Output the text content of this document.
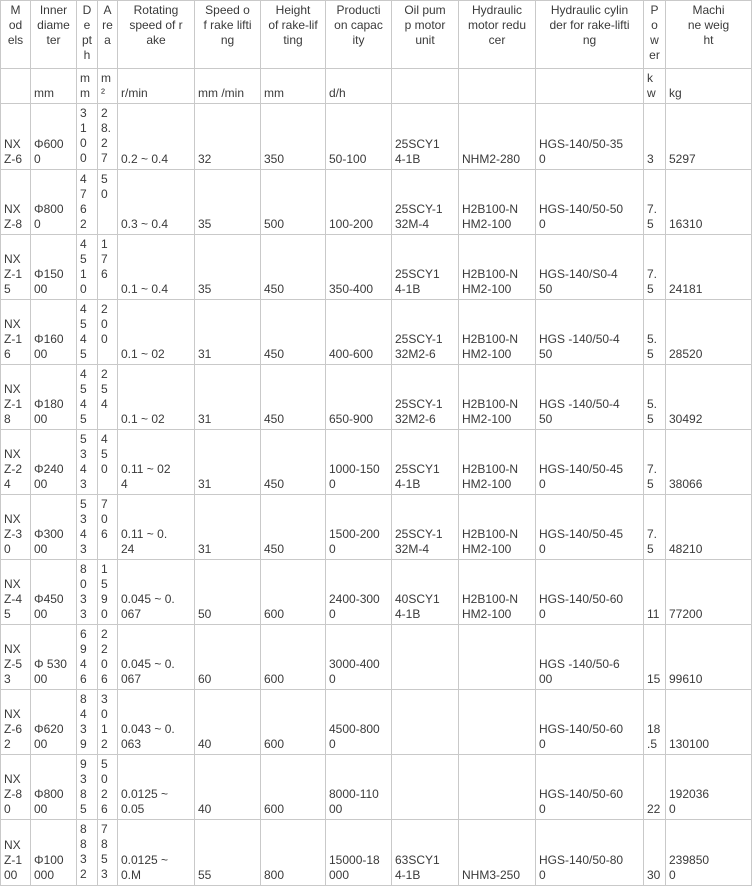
M
od
els	Inner
diame
ter	D
e
pt
h	A
re
a	Rotating
speed of r
ake	Speed o
f rake lifti
ng	Height
of rake-lif
ting	Producti
on capac
ity	Oil pum
p motor
unit	Hydraulic
motor redu
cer	Hydraulic cylin
der for rake-lifti
ng	P
o
w
er	Machi
ne weig
ht
	mm	m
m	m²	r/min	mm /min	mm	d/h				k
w	kg
NX
Z-6	Φ600
0	3
1
0
0	2
8.
2
7	0.2 ~ 0.4	32	350	50-100	25SCY1
4-1B	NHM2-280	HGS-140/50-35
0	3	5297
NX
Z-8	Φ800
0	4
7
6
2	5
0	0.3 ~ 0.4	35	500	100-200	25SCY-1
32M-4	H2B100-N
HM2-100	HGS-140/50-50
0	7.
5	16310
NX
Z-1
5	Φ150
00	4
5
1
0	1
7
6	0.1 ~ 0.4	35	450	350-400	25SCY1
4-1B	H2B100-N
HM2-100	HGS-140/S0-4
50	7.
5	24181
NX
Z-1
6	Φ160
00	4
5
4
5	2
0
0	0.1 ~ 02	31	450	400-600	25SCY-1
32M2-6	H2B100-N
HM2-100	HGS -140/50-4
50	5.
5	28520
NX
Z-1
8	Φ180
00	4
5
4
5	2
5
4	0.1 ~ 02	31	450	650-900	25SCY-1
32M2-6	H2B100-N
HM2-100	HGS -140/50-4
50	5.
5	30492
NX
Z-2
4	Φ240
00	5
3
4
3	4
5
0	0.11 ~ 02
4	31	450	1000-150
0	25SCY1
4-1B	H2B100-N
HM2-100	HGS-140/50-45
0	7.
5	38066
NX
Z-3
0	Φ300
00	5
3
4
3	7
0
6	0.11 ~ 0.
24	31	450	1500-200
0	25SCY-1
32M-4	H2B100-N
HM2-100	HGS-140/50-45
0	7.
5	48210
NX
Z-4
5	Φ450
00	8
0
3
3	1
5
9
0	0.045 ~ 0.
067	50	600	2400-300
0	40SCY1
4-1B	H2B100-N
HM2-100	HGS-140/50-60
0	11	77200
NX
Z-5
3	Φ 530
00	6
9
4
6	2
2
0
6	0.045 ~ 0.
067	60	600	3000-400
0			HGS -140/50-6
00	15	99610
NX
Z-6
2	Φ620
00	8
4
3
9	3
0
1
2	0.043 ~ 0.
063	40	600	4500-800
0			HGS-140/50-60
0	18
.5	130100
NX
Z-8
0	Φ800
00	9
3
8
5	5
0
2
6	0.0125 ~
0.05	40	600	8000-110
00			HGS-140/50-60
0	22	192036
0
NX
Z-1
00	Φ100
000	8
8
3
2	7
8
5
3	0.0125 ~
0.M	55	800	15000-18
000	63SCY1
4-1B	NHM3-250	HGS-140/50-80
0	30	239850
0
